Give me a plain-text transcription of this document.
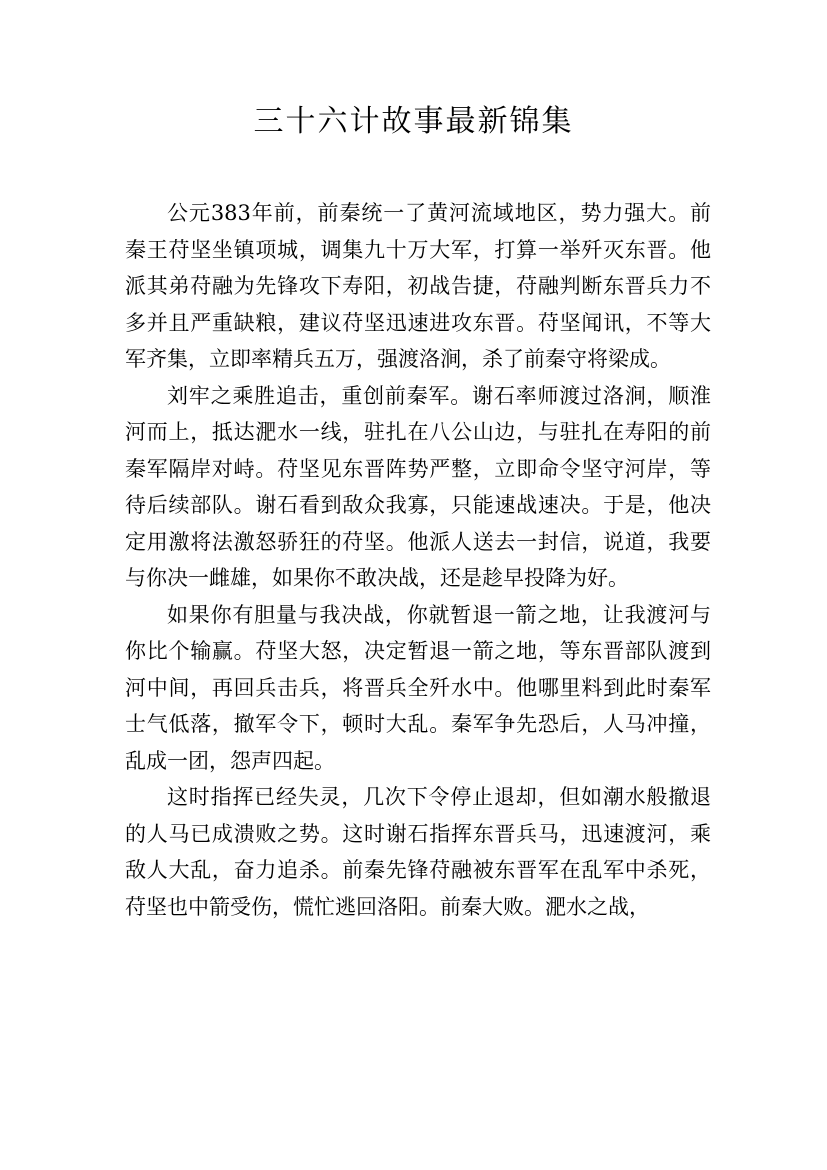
三十六计故事最新锦集

公元383年前，前秦统一了黄河流域地区，势力强大。前秦王苻坚坐镇项城，调集九十万大军，打算一举歼灭东晋。他派其弟苻融为先锋攻下寿阳，初战告捷，苻融判断东晋兵力不多并且严重缺粮，建议苻坚迅速进攻东晋。苻坚闻讯，不等大军齐集，立即率精兵五万，强渡洛涧，杀了前秦守将梁成。

刘牢之乘胜追击，重创前秦军。谢石率师渡过洛涧，顺淮河而上，抵达淝水一线，驻扎在八公山边，与驻扎在寿阳的前秦军隔岸对峙。苻坚见东晋阵势严整，立即命令坚守河岸，等待后续部队。谢石看到敌众我寡，只能速战速决。于是，他决定用激将法激怒骄狂的苻坚。他派人送去一封信，说道，我要与你决一雌雄，如果你不敢决战，还是趁早投降为好。

如果你有胆量与我决战，你就暂退一箭之地，让我渡河与你比个输赢。苻坚大怒，决定暂退一箭之地，等东晋部队渡到河中间，再回兵击兵，将晋兵全歼水中。他哪里料到此时秦军士气低落，撤军令下，顿时大乱。秦军争先恐后，人马冲撞，乱成一团，怨声四起。

这时指挥已经失灵，几次下令停止退却，但如潮水般撤退的人马已成溃败之势。这时谢石指挥东晋兵马，迅速渡河，乘敌人大乱，奋力追杀。前秦先锋苻融被东晋军在乱军中杀死，苻坚也中箭受伤，慌忙逃回洛阳。前秦大败。淝水之战，
